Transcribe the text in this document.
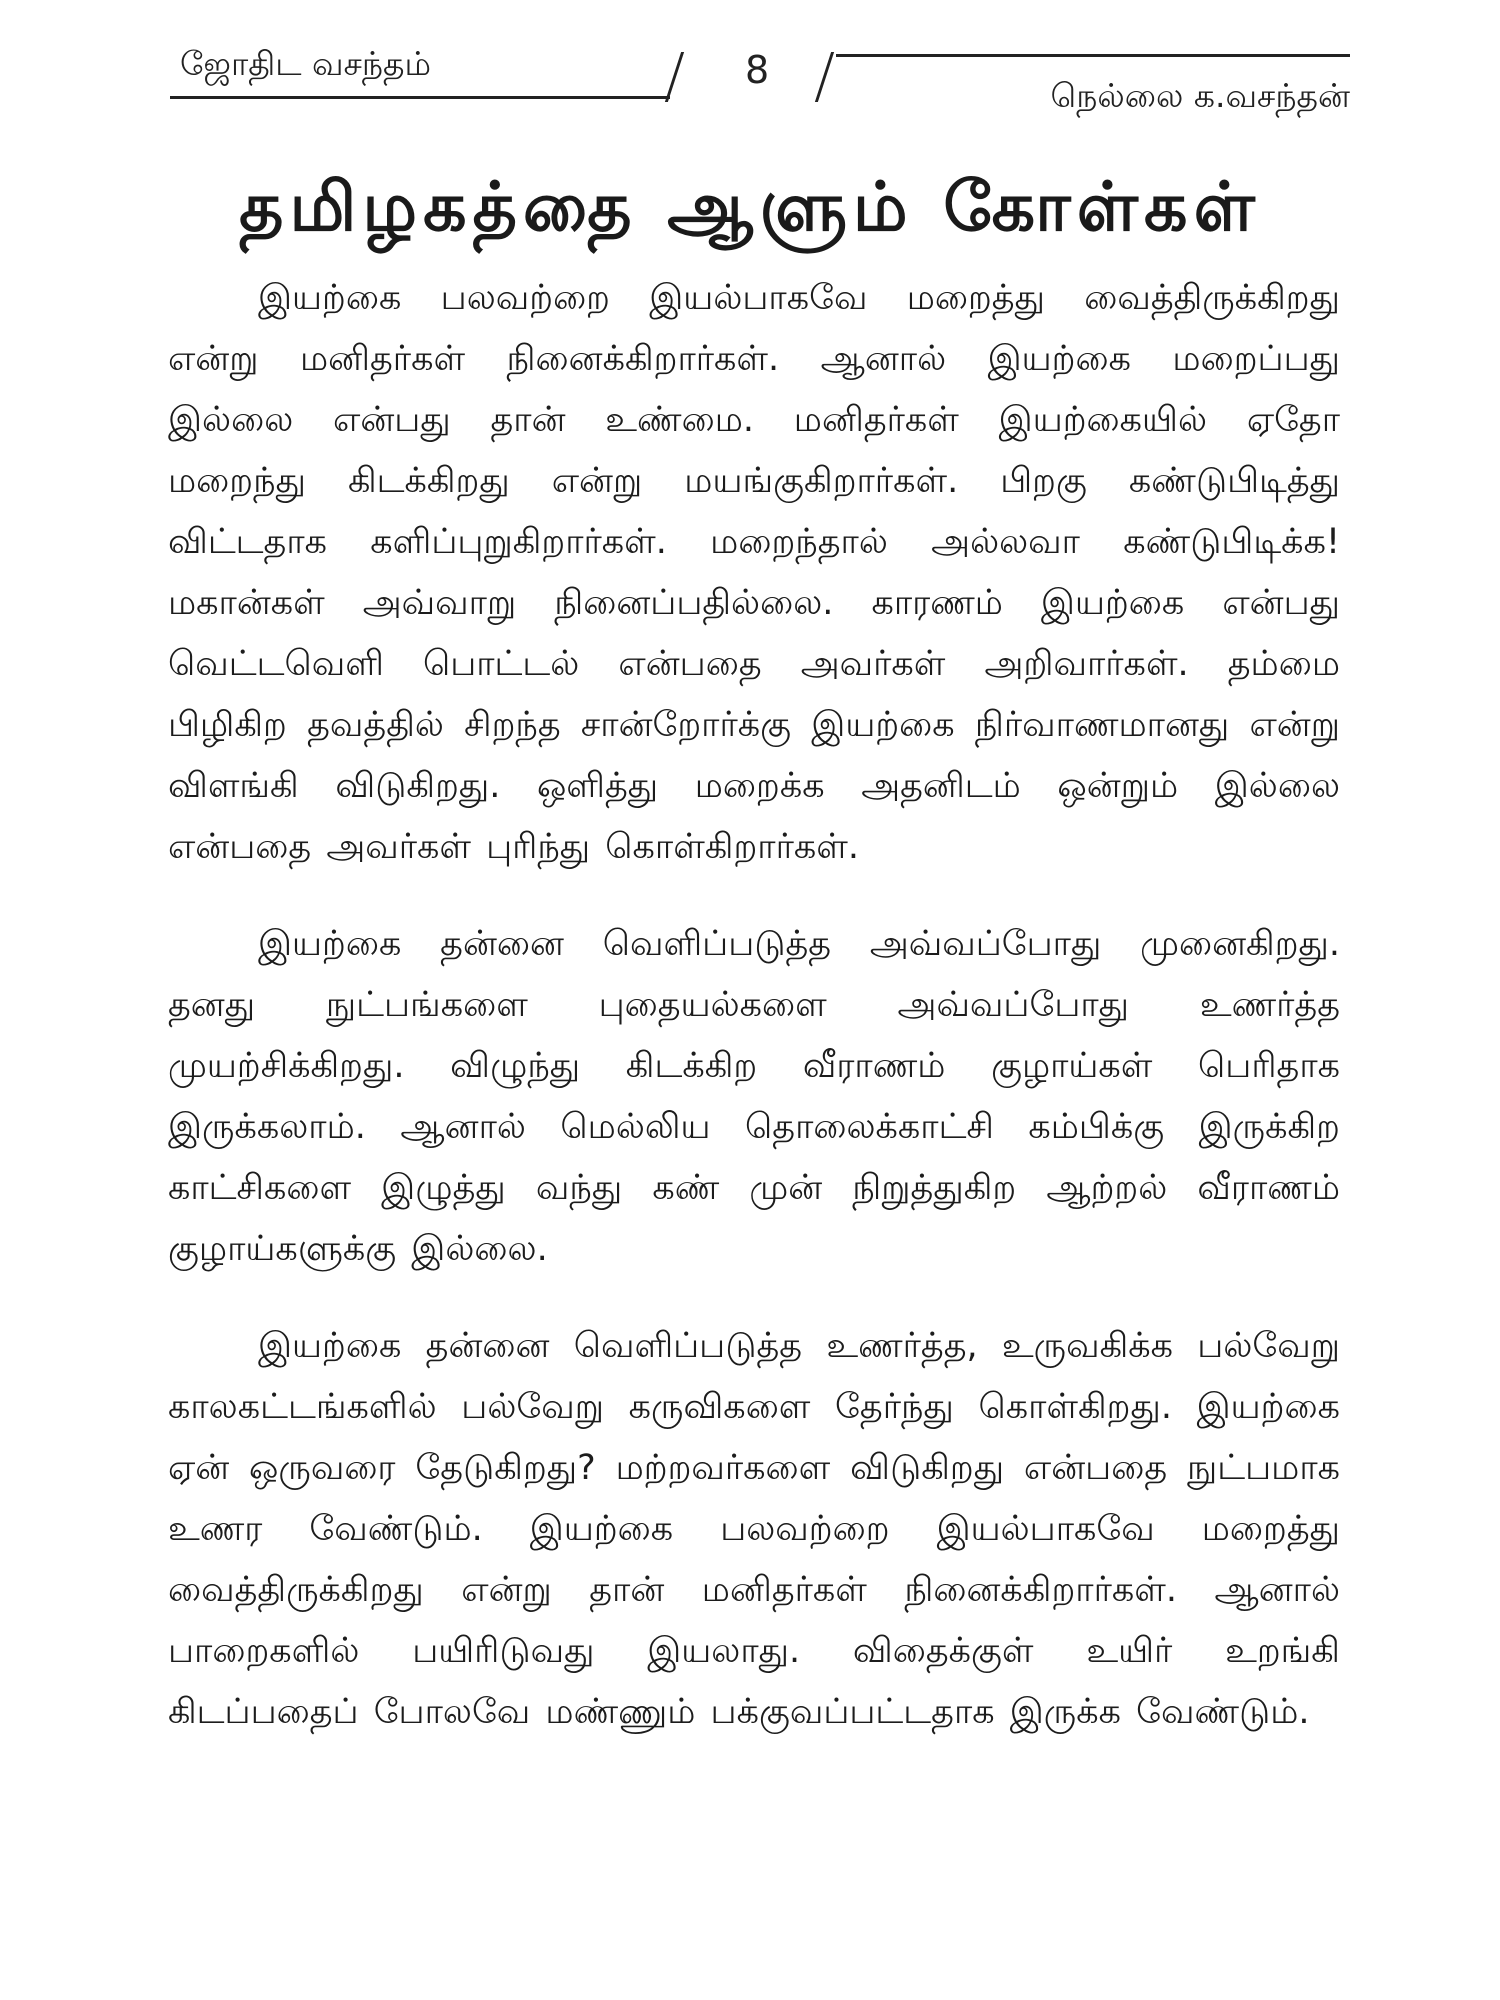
ஜோதிட வசந்தம்	8
நெல்லை க.வசந்தன்
தமிழகத்தை ஆளும் கோள்கள்

இயற்கை பலவற்றை இயல்பாகவே மறைத்து வைத்திருக்கிறது என்று மனிதர்கள் நினைக்கிறார்கள். ஆனால் இயற்கை மறைப்பது இல்லை என்பது தான் உண்மை. மனிதர்கள் இயற்கையில் ஏதோ மறைந்து கிடக்கிறது என்று மயங்குகிறார்கள். பிறகு கண்டுபிடித்து விட்டதாக களிப்புறுகிறார்கள். மறைந்தால் அல்லவா கண்டுபிடிக்க! மகான்கள் அவ்வாறு நினைப்பதில்லை. காரணம் இயற்கை என்பது வெட்டவெளி பொட்டல் என்பதை அவர்கள் அறிவார்கள். தம்மை பிழிகிற தவத்தில் சிறந்த சான்றோர்க்கு இயற்கை நிர்வாணமானது என்று விளங்கி விடுகிறது. ஒளித்து மறைக்க அதனிடம் ஒன்றும் இல்லை என்பதை அவர்கள் புரிந்து கொள்கிறார்கள்.

இயற்கை தன்னை வெளிப்படுத்த அவ்வப்போது முனைகிறது. தனது நுட்பங்களை புதையல்களை அவ்வப்போது உணர்த்த முயற்சிக்கிறது. விழுந்து கிடக்கிற வீராணம் குழாய்கள் பெரிதாக இருக்கலாம். ஆனால் மெல்லிய தொலைக்காட்சி கம்பிக்கு இருக்கிற காட்சிகளை இழுத்து வந்து கண் முன் நிறுத்துகிற ஆற்றல் வீராணம் குழாய்களுக்கு இல்லை.

இயற்கை தன்னை வெளிப்படுத்த உணர்த்த, உருவகிக்க பல்வேறு காலகட்டங்களில் பல்வேறு கருவிகளை தேர்ந்து கொள்கிறது. இயற்கை ஏன் ஒருவரை தேடுகிறது? மற்றவர்களை விடுகிறது என்பதை நுட்பமாக உணர வேண்டும். இயற்கை பலவற்றை இயல்பாகவே மறைத்து வைத்திருக்கிறது என்று தான் மனிதர்கள் நினைக்கிறார்கள். ஆனால் பாறைகளில் பயிரிடுவது இயலாது. விதைக்குள் உயிர் உறங்கி கிடப்பதைப் போலவே மண்ணும் பக்குவப்பட்டதாக இருக்க வேண்டும்.
